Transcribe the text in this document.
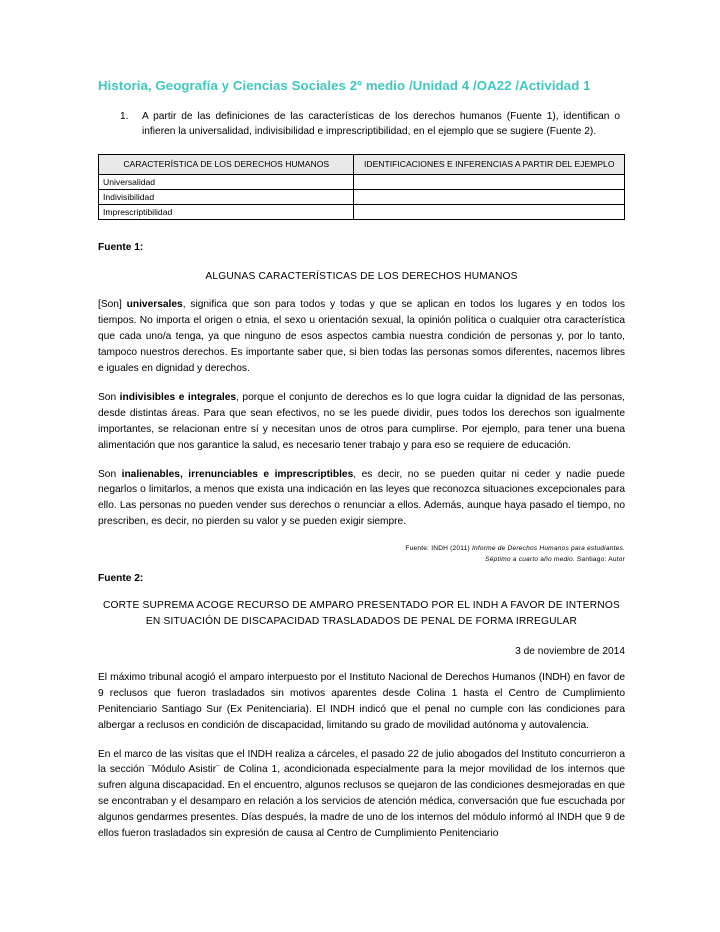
Historia, Geografía y Ciencias Sociales 2º medio /Unidad 4 /OA22 /Actividad 1
1.	A partir de las definiciones de las características de los derechos humanos (Fuente 1), identifican o infieren la universalidad, indivisibilidad e imprescriptibilidad, en el ejemplo que se sugiere (Fuente 2).
CARACTERÍSTICA DE LOS DERECHOS HUMANOS	IDENTIFICACIONES E INFERENCIAS A PARTIR DEL EJEMPLO
Universalidad	
Indivisibilidad	
Imprescriptibilidad	
Fuente 1:
ALGUNAS CARACTERÍSTICAS DE LOS DERECHOS HUMANOS

[Son] universales, significa que son para todos y todas y que se aplican en todos los lugares y en todos los tiempos. No importa el origen o etnia, el sexo u orientación sexual, la opinión política o cualquier otra característica que cada uno/a tenga, ya que ninguno de esos aspectos cambia nuestra condición de personas y, por lo tanto, tampoco nuestros derechos. Es importante saber que, si bien todas las personas somos diferentes, nacemos libres e iguales en dignidad y derechos.

Son indivisibles e integrales, porque el conjunto de derechos es lo que logra cuidar la dignidad de las personas, desde distintas áreas. Para que sean efectivos, no se les puede dividir, pues todos los derechos son igualmente importantes, se relacionan entre sí y necesitan unos de otros para cumplirse. Por ejemplo, para tener una buena alimentación que nos garantice la salud, es necesario tener trabajo y para eso se requiere de educación.

Son inalienables, irrenunciables e imprescriptibles, es decir, no se pueden quitar ni ceder y nadie puede negarlos o limitarlos, a menos que exista una indicación en las leyes que reconozca situaciones excepcionales para ello. Las personas no pueden vender sus derechos o renunciar a ellos. Además, aunque haya pasado el tiempo, no prescriben, es decir, no pierden su valor y se pueden exigir siempre.

Fuente: INDH (2011) Informe de Derechos Humanos para estudiantes.
Séptimo a cuarto año medio. Santiago: Autor
Fuente 2:
CORTE SUPREMA ACOGE RECURSO DE AMPARO PRESENTADO POR EL INDH A FAVOR DE INTERNOS EN SITUACIÓN DE DISCAPACIDAD TRASLADADOS DE PENAL DE FORMA IRREGULAR
3 de noviembre de 2014

El máximo tribunal acogió el amparo interpuesto por el Instituto Nacional de Derechos Humanos (INDH) en favor de 9 reclusos que fueron trasladados sin motivos aparentes desde Colina 1 hasta el Centro de Cumplimiento Penitenciario Santiago Sur (Ex Penitenciaria). El INDH indicó que el penal no cumple con las condiciones para albergar a reclusos en condición de discapacidad, limitando su grado de movilidad autónoma y autovalencia.

En el marco de las visitas que el INDH realiza a cárceles, el pasado 22 de julio abogados del Instituto concurrieron a la sección ¨Módulo Asistir¨ de Colina 1, acondicionada especialmente para la mejor movilidad de los internos que sufren alguna discapacidad. En el encuentro, algunos reclusos se quejaron de las condiciones desmejoradas en que se encontraban y el desamparo en relación a los servicios de atención médica, conversación que fue escuchada por algunos gendarmes presentes. Días después, la madre de uno de los internos del módulo informó al INDH que 9 de ellos fueron trasladados sin expresión de causa al Centro de Cumplimiento Penitenciario
